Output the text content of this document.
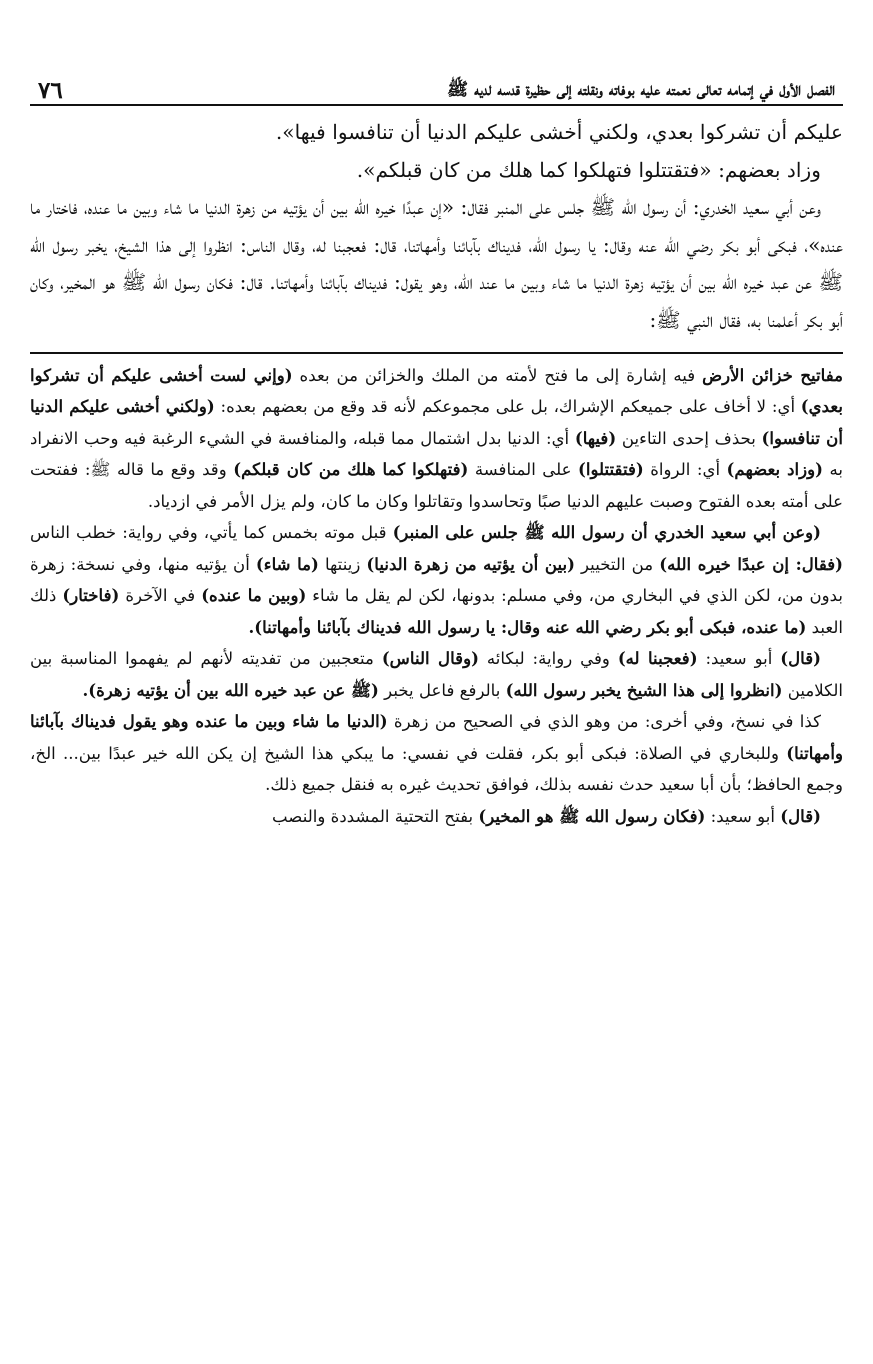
الفصل الأول في إتمامه تعالى نعمته عليه بوفاته ونقلته إلى حظيرة قدسه لديه ﷺ
٧٦

عليكم أن تشركوا بعدي، ولكني أخشى عليكم الدنيا أن تنافسوا فيها».

وزاد بعضهم: «فتقتتلوا فتهلكوا كما هلك من كان قبلكم».

وعن أبي سعيد الخدري: أن رسول الله ﷺ جلس على المنبر فقال: «إن عبدًا خيره الله بين أن يؤتيه من زهرة الدنيا ما شاء وبين ما عنده، فاختار ما عنده»، فبكى أبو بكر رضي الله عنه وقال: يا رسول الله، فديناك بآبائنا وأمهاتنا، قال: فعجبنا له، وقال الناس: انظروا إلى هذا الشيخ، يخبر رسول الله ﷺ عن عبد خيره الله بين أن يؤتيه زهرة الدنيا ما شاء وبين ما عند الله، وهو يقول: فديناك بآبائنا وأمهاتنا. قال: فكان رسول الله ﷺ هو المخير، وكان أبو بكر أعلمنا به، فقال النبي ﷺ:

مفاتيح خزائن الأرض فيه إشارة إلى ما فتح لأمته من الملك والخزائن من بعده (وإني لست أخشى عليكم أن تشركوا بعدي) أي: لا أخاف على جميعكم الإشراك، بل على مجموعكم لأنه قد وقع من بعضهم بعده: (ولكني أخشى عليكم الدنيا أن تنافسوا) بحذف إحدى التاءين (فيها) أي: الدنيا بدل اشتمال مما قبله، والمنافسة في الشيء الرغبة فيه وحب الانفراد به (وزاد بعضهم) أي: الرواة (فتقتتلوا) على المنافسة (فتهلكوا كما هلك من كان قبلكم) وقد وقع ما قاله ﷺ: ففتحت على أمته بعده الفتوح وصبت عليهم الدنيا صبًا وتحاسدوا وتقاتلوا وكان ما كان، ولم يزل الأمر في ازدياد.

(وعن أبي سعيد الخدري أن رسول الله ﷺ جلس على المنبر) قبل موته بخمس كما يأتي، وفي رواية: خطب الناس (فقال: إن عبدًا خيره الله) من التخيير (بين أن يؤتيه من زهرة الدنيا) زينتها (ما شاء) أن يؤتيه منها، وفي نسخة: زهرة بدون من، لكن الذي في البخاري من، وفي مسلم: بدونها، لكن لم يقل ما شاء (وبين ما عنده) في الآخرة (فاختار) ذلك العبد (ما عنده، فبكى أبو بكر رضي الله عنه وقال: يا رسول الله فديناك بآبائنا وأمهاتنا).

(قال) أبو سعيد: (فعجبنا له) وفي رواية: لبكائه (وقال الناس) متعجبين من تفديته لأنهم لم يفهموا المناسبة بين الكلامين (انظروا إلى هذا الشيخ يخبر رسول الله) بالرفع فاعل يخبر (ﷺ عن عبد خيره الله بين أن يؤتيه زهرة).

كذا في نسخ، وفي أخرى: من وهو الذي في الصحيح من زهرة (الدنيا ما شاء وبين ما عنده وهو يقول فديناك بآبائنا وأمهاتنا) وللبخاري في الصلاة: فبكى أبو بكر، فقلت في نفسي: ما يبكي هذا الشيخ إن يكن الله خير عبدًا بين... الخ، وجمع الحافظ؛ بأن أبا سعيد حدث نفسه بذلك، فوافق تحديث غيره به فنقل جميع ذلك.

(قال) أبو سعيد: (فكان رسول الله ﷺ هو المخير) بفتح التحتية المشددة والنصب
